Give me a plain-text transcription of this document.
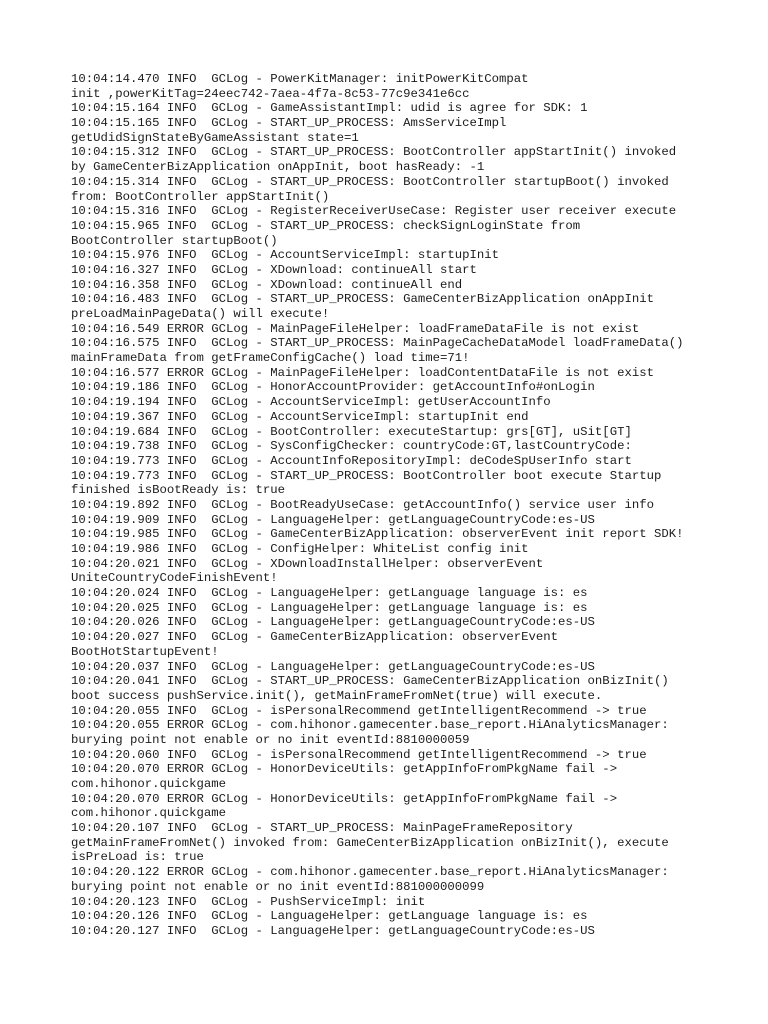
10:04:14.470 INFO  GCLog - PowerKitManager: initPowerKitCompat
init ,powerKitTag=24eec742-7aea-4f7a-8c53-77c9e341e6cc
10:04:15.164 INFO  GCLog - GameAssistantImpl: udid is agree for SDK: 1
10:04:15.165 INFO  GCLog - START_UP_PROCESS: AmsServiceImpl
getUdidSignStateByGameAssistant state=1
10:04:15.312 INFO  GCLog - START_UP_PROCESS: BootController appStartInit() invoked
by GameCenterBizApplication onAppInit, boot hasReady: -1
10:04:15.314 INFO  GCLog - START_UP_PROCESS: BootController startupBoot() invoked
from: BootController appStartInit()
10:04:15.316 INFO  GCLog - RegisterReceiverUseCase: Register user receiver execute
10:04:15.965 INFO  GCLog - START_UP_PROCESS: checkSignLoginState from
BootController startupBoot()
10:04:15.976 INFO  GCLog - AccountServiceImpl: startupInit
10:04:16.327 INFO  GCLog - XDownload: continueAll start
10:04:16.358 INFO  GCLog - XDownload: continueAll end
10:04:16.483 INFO  GCLog - START_UP_PROCESS: GameCenterBizApplication onAppInit
preLoadMainPageData() will execute!
10:04:16.549 ERROR GCLog - MainPageFileHelper: loadFrameDataFile is not exist
10:04:16.575 INFO  GCLog - START_UP_PROCESS: MainPageCacheDataModel loadFrameData()
mainFrameData from getFrameConfigCache() load time=71!
10:04:16.577 ERROR GCLog - MainPageFileHelper: loadContentDataFile is not exist
10:04:19.186 INFO  GCLog - HonorAccountProvider: getAccountInfo#onLogin
10:04:19.194 INFO  GCLog - AccountServiceImpl: getUserAccountInfo
10:04:19.367 INFO  GCLog - AccountServiceImpl: startupInit end
10:04:19.684 INFO  GCLog - BootController: executeStartup: grs[GT], uSit[GT]
10:04:19.738 INFO  GCLog - SysConfigChecker: countryCode:GT,lastCountryCode:
10:04:19.773 INFO  GCLog - AccountInfoRepositoryImpl: deCodeSpUserInfo start
10:04:19.773 INFO  GCLog - START_UP_PROCESS: BootController boot execute Startup
finished isBootReady is: true
10:04:19.892 INFO  GCLog - BootReadyUseCase: getAccountInfo() service user info
10:04:19.909 INFO  GCLog - LanguageHelper: getLanguageCountryCode:es-US
10:04:19.985 INFO  GCLog - GameCenterBizApplication: observerEvent init report SDK!
10:04:19.986 INFO  GCLog - ConfigHelper: WhiteList config init
10:04:20.021 INFO  GCLog - XDownloadInstallHelper: observerEvent
UniteCountryCodeFinishEvent!
10:04:20.024 INFO  GCLog - LanguageHelper: getLanguage language is: es
10:04:20.025 INFO  GCLog - LanguageHelper: getLanguage language is: es
10:04:20.026 INFO  GCLog - LanguageHelper: getLanguageCountryCode:es-US
10:04:20.027 INFO  GCLog - GameCenterBizApplication: observerEvent
BootHotStartupEvent!
10:04:20.037 INFO  GCLog - LanguageHelper: getLanguageCountryCode:es-US
10:04:20.041 INFO  GCLog - START_UP_PROCESS: GameCenterBizApplication onBizInit()
boot success pushService.init(), getMainFrameFromNet(true) will execute.
10:04:20.055 INFO  GCLog - isPersonalRecommend getIntelligentRecommend -> true
10:04:20.055 ERROR GCLog - com.hihonor.gamecenter.base_report.HiAnalyticsManager:
burying point not enable or no init eventId:8810000059
10:04:20.060 INFO  GCLog - isPersonalRecommend getIntelligentRecommend -> true
10:04:20.070 ERROR GCLog - HonorDeviceUtils: getAppInfoFromPkgName fail ->
com.hihonor.quickgame
10:04:20.070 ERROR GCLog - HonorDeviceUtils: getAppInfoFromPkgName fail ->
com.hihonor.quickgame
10:04:20.107 INFO  GCLog - START_UP_PROCESS: MainPageFrameRepository
getMainFrameFromNet() invoked from: GameCenterBizApplication onBizInit(), execute
isPreLoad is: true
10:04:20.122 ERROR GCLog - com.hihonor.gamecenter.base_report.HiAnalyticsManager:
burying point not enable or no init eventId:881000000099
10:04:20.123 INFO  GCLog - PushServiceImpl: init
10:04:20.126 INFO  GCLog - LanguageHelper: getLanguage language is: es
10:04:20.127 INFO  GCLog - LanguageHelper: getLanguageCountryCode:es-US
